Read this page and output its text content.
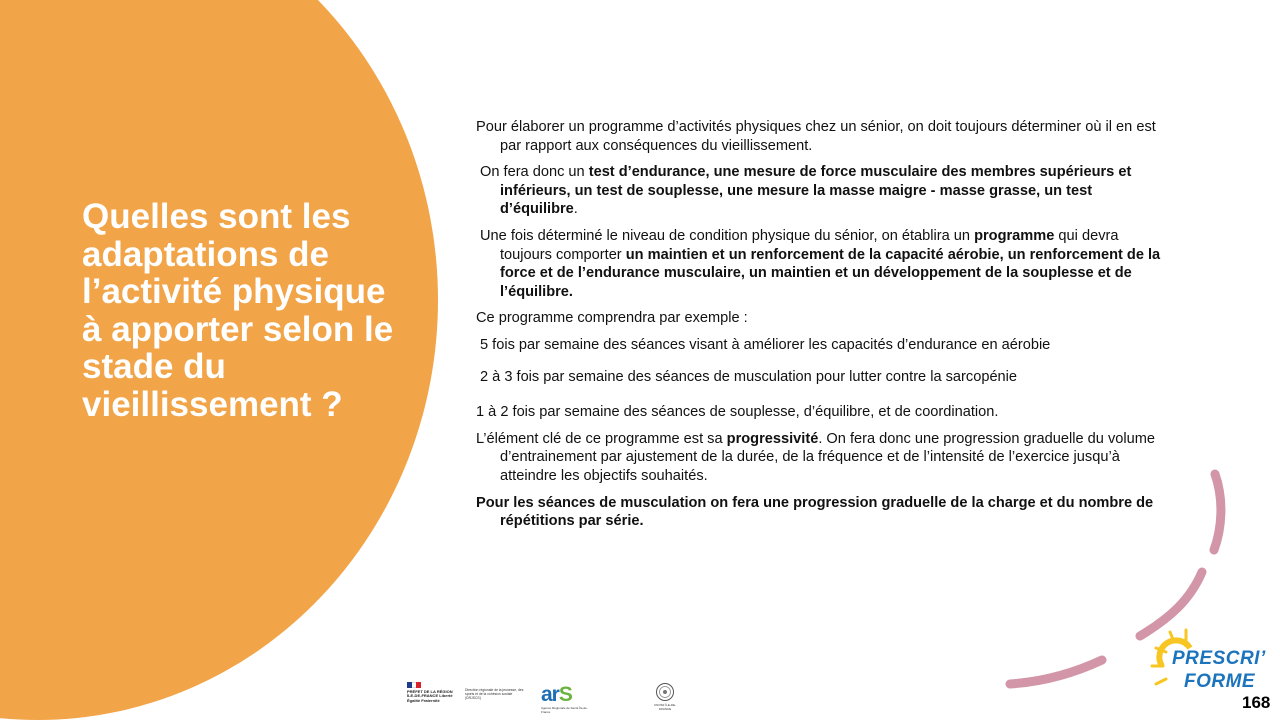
Quelles sont les adaptations de l’activité physique à apporter selon le stade du vieillissement ?

Pour élaborer un programme d’activités physiques chez un sénior, on doit toujours déterminer où il en est par rapport aux conséquences du vieillissement.

On fera donc un test d’endurance, une mesure de force musculaire des membres supérieurs et inférieurs, un test de souplesse, une mesure la masse maigre - masse grasse, un test d’équilibre.

Une fois déterminé le niveau de condition physique du sénior, on établira un programme qui devra toujours comporter un maintien et un renforcement de la capacité aérobie, un renforcement de la force et de l’endurance musculaire, un maintien et un développement de la souplesse et de l’équilibre.

Ce programme comprendra par exemple :

5 fois par semaine des séances visant à améliorer les capacités d’endurance en aérobie

2 à 3 fois par semaine des séances de musculation pour lutter contre la sarcopénie

1 à 2 fois par semaine des séances de souplesse, d’équilibre, et de coordination.

L’élément clé de ce programme est sa progressivité. On fera donc une progression graduelle du volume d’entrainement par ajustement de la durée, de la fréquence et de l’intensité de l’exercice jusqu’à atteindre les objectifs souhaités.

Pour les séances de musculation on fera une progression graduelle de la charge et du nombre de répétitions par série.

PRÉFET DE LA RÉGION ÎLE-DE-FRANCE Liberté Égalité Fraternité
Direction régionale de la jeunesse, des sports et de la cohésion sociale (DRJSCS)	arS
Agence Régionale de Santé Île-de-France
CNOSF ÎLE-DE-FRANCE
PRESCRI’
FORME
168
